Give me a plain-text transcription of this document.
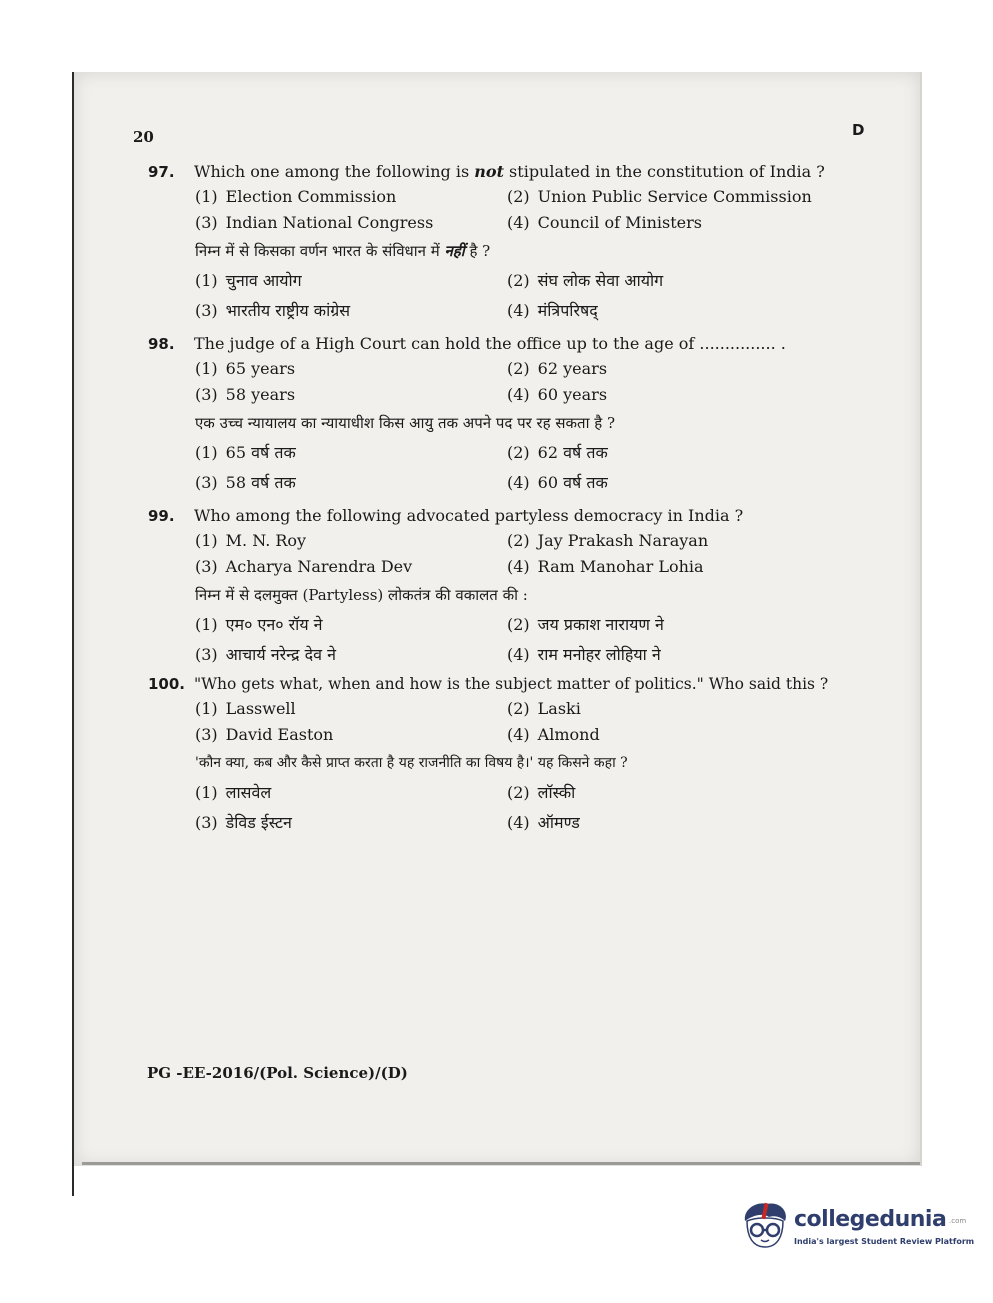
20	D
97.	Which one among the following is not stipulated in the constitution of India ?
(1) Election Commission	(2) Union Public Service Commission
(3) Indian National Congress	(4) Council of Ministers
निम्न में से किसका वर्णन भारत के संविधान में नहीं है ?
(1) चुनाव आयोग	(2) संघ लोक सेवा आयोग
(3) भारतीय राष्ट्रीय कांग्रेस	(4) मंत्रिपरिषद्
98.	The judge of a High Court can hold the office up to the age of ............... .
(1) 65 years	(2) 62 years
(3) 58 years	(4) 60 years
एक उच्च न्यायालय का न्यायाधीश किस आयु तक अपने पद पर रह सकता है ?
(1) 65 वर्ष तक	(2) 62 वर्ष तक
(3) 58 वर्ष तक	(4) 60 वर्ष तक
99.	Who among the following advocated partyless democracy in India ?
(1) M. N. Roy	(2) Jay Prakash Narayan
(3) Acharya Narendra Dev	(4) Ram Manohar Lohia
निम्न में से दलमुक्त (Partyless) लोकतंत्र की वकालत की :
(1) एम० एन० रॉय ने	(2) जय प्रकाश नारायण ने
(3) आचार्य नरेन्द्र देव ने	(4) राम मनोहर लोहिया ने
100. "Who gets what, when and how is the subject matter of politics." Who said this ?
(1) Lasswell	(2) Laski
(3) David Easton	(4) Almond
'कौन क्या, कब और कैसे प्राप्त करता है यह राजनीति का विषय है।' यह किसने कहा ?
(1) लासवेल	(2) लॉस्की
(3) डेविड ईस्टन	(4) ऑमण्ड
PG -EE-2016/(Pol. Science)/(D)
collegedunia .com
India's largest Student Review Platform
